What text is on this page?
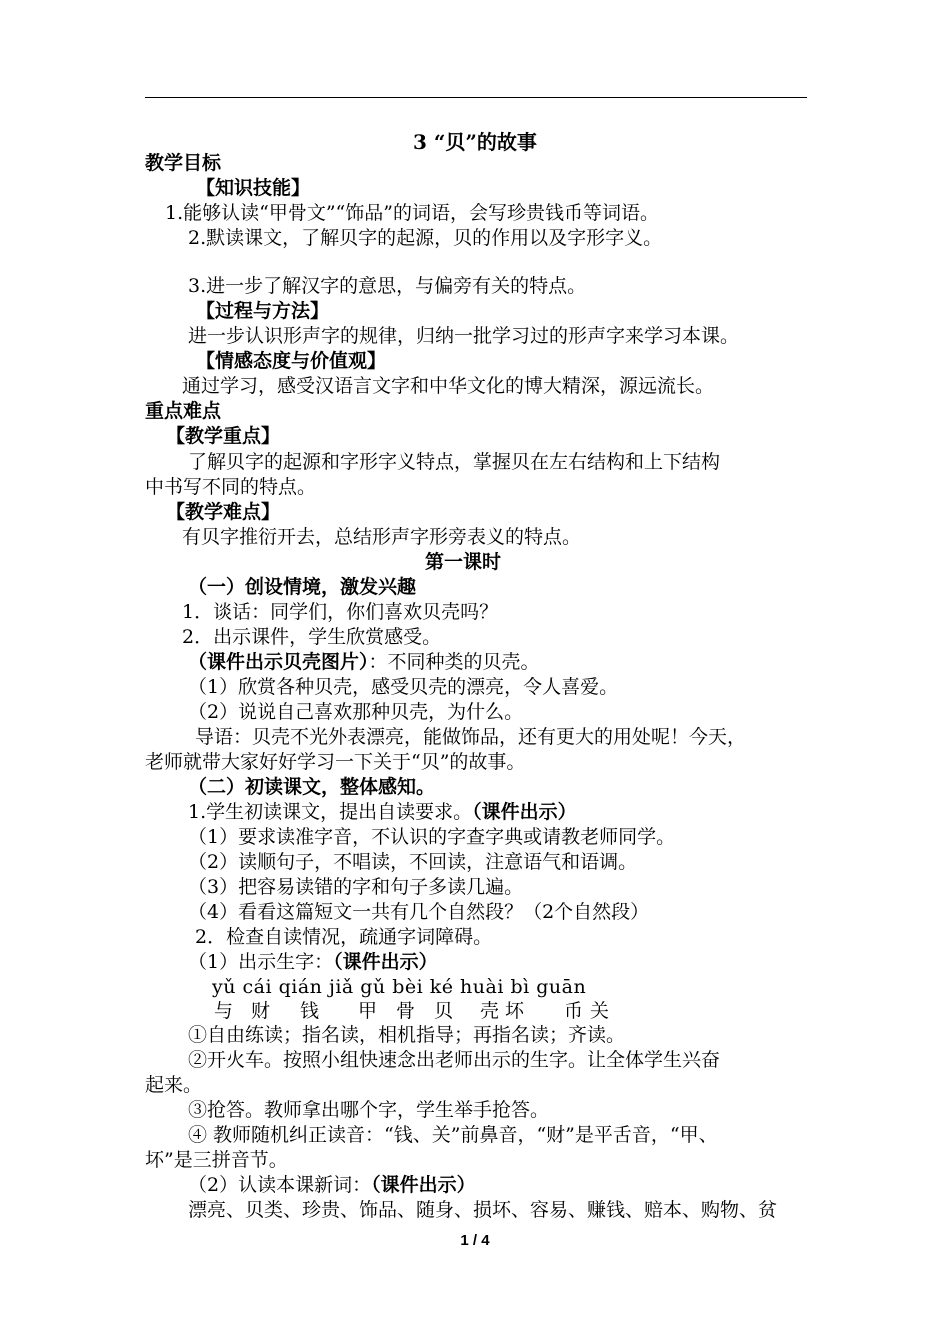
3 “贝”的故事
教学目标
【知识技能】
1.能够认读“甲骨文”“饰品”的词语，会写珍贵钱币等词语。
2.默读课文，了解贝字的起源，贝的作用以及字形字义。
3.进一步了解汉字的意思，与偏旁有关的特点。
【过程与方法】
进一步认识形声字的规律，归纳一批学习过的形声字来学习本课。
【情感态度与价值观】
通过学习，感受汉语言文字和中华文化的博大精深，源远流长。
重点难点
【教学重点】
了解贝字的起源和字形字义特点，掌握贝在左右结构和上下结构
中书写不同的特点。
【教学难点】
有贝字推衍开去，总结形声字形旁表义的特点。
第一课时
（一）创设情境，激发兴趣
1．谈话：同学们，你们喜欢贝壳吗？
2．出示课件，学生欣赏感受。
（课件出示贝壳图片）：不同种类的贝壳。
（1）欣赏各种贝壳，感受贝壳的漂亮，令人喜爱。
（2）说说自己喜欢那种贝壳，为什么。
导语：贝壳不光外表漂亮，能做饰品，还有更大的用处呢！今天，
老师就带大家好好学习一下关于“贝”的故事。
（二）初读课文，整体感知。
1.学生初读课文，提出自读要求。（课件出示）
（1）要求读准字音，不认识的字查字典或请教老师同学。
（2）读顺句子，不唱读，不回读，注意语气和语调。
（3）把容易读错的字和句子多读几遍。
（4）看看这篇短文一共有几个自然段？（2个自然段）
2．检查自读情况，疏通字词障碍。
（1）出示生字：（课件出示）
yǔ cái qián jiǎ gǔ bèi ké huài bì guān
与 财 钱 甲 骨 贝 壳 坏 币 关
①自由练读；指名读，相机指导；再指名读；齐读。
②开火车。按照小组快速念出老师出示的生字。让全体学生兴奋
起来。
③抢答。教师拿出哪个字，学生举手抢答。
④ 教师随机纠正读音：“钱、关”前鼻音，“财”是平舌音，“甲、
坏”是三拼音节。
（2）认读本课新词：（课件出示）
漂亮、贝类、珍贵、饰品、随身、损坏、容易、赚钱、赔本、购物、贫
1 / 4
